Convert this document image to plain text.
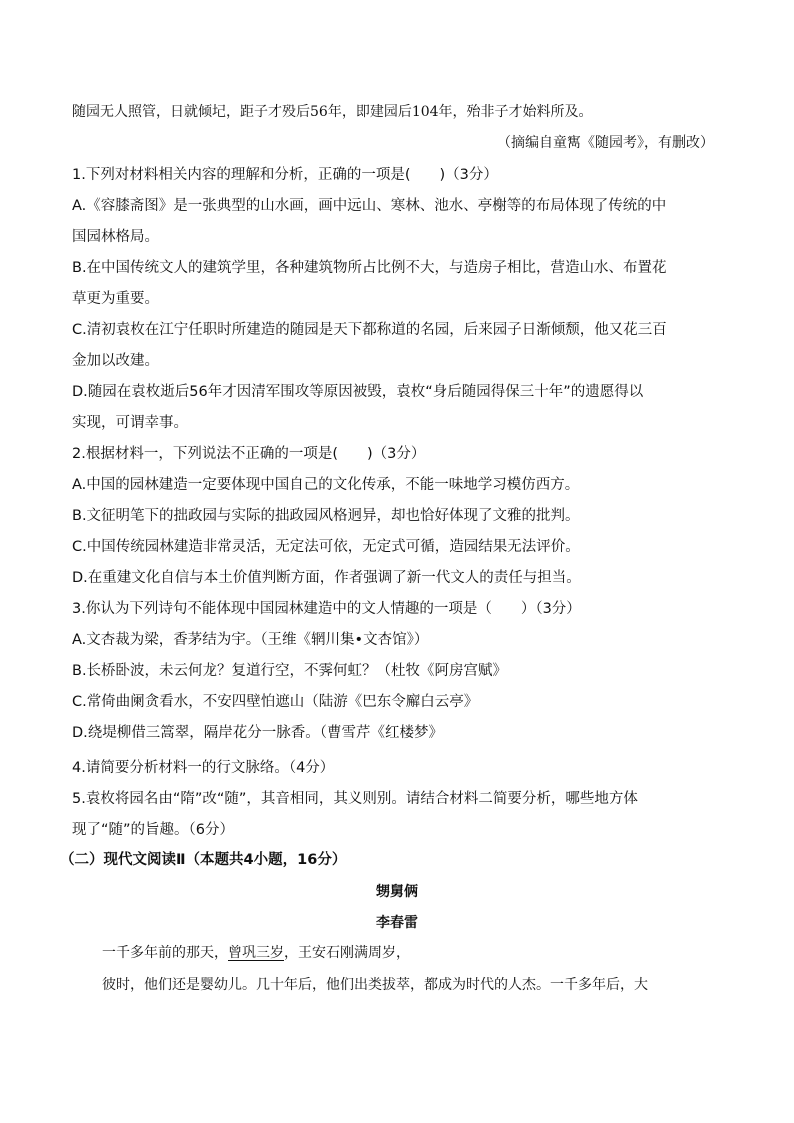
随园无人照管，日就倾圮，距子才殁后56年，即建园后104年，殆非子才始料所及。
（摘编自童寯《随园考》，有删改）
1.下列对材料相关内容的理解和分析，正确的一项是(　　)（3分）
A.《容膝斋图》是一张典型的山水画，画中远山、寒林、池水、亭榭等的布局体现了传统的中
国园林格局。
B.在中国传统文人的建筑学里，各种建筑物所占比例不大，与造房子相比，营造山水、布置花
草更为重要。
C.清初袁枚在江宁任职时所建造的随园是天下都称道的名园，后来园子日渐倾颓，他又花三百
金加以改建。
D.随园在袁枚逝后56年才因清军围攻等原因被毁，袁枚“身后随园得保三十年”的遗愿得以
实现，可谓幸事。
2.根据材料一，下列说法不正确的一项是(　　)（3分）
A.中国的园林建造一定要体现中国自己的文化传承，不能一味地学习模仿西方。
B.文征明笔下的拙政园与实际的拙政园风格迥异，却也恰好体现了文雅的批判。
C.中国传统园林建造非常灵活，无定法可依，无定式可循，造园结果无法评价。
D.在重建文化自信与本土价值判断方面，作者强调了新一代文人的责任与担当。
3.你认为下列诗句不能体现中国园林建造中的文人情趣的一项是（　　）（3分）
A.文杏裁为梁，香茅结为宇。（王维《辋川集•文杏馆》）
B.长桥卧波，未云何龙？复道行空，不霁何虹？（杜牧《阿房宫赋》
C.常倚曲阑贪看水，不安四壁怕遮山（陆游《巴东令廨白云亭》
D.绕堤柳借三篙翠，隔岸花分一脉香。（曹雪芹《红楼梦》
4.请简要分析材料一的行文脉络。（4分）
5.袁枚将园名由“隋”改“随”，其音相同，其义则别。请结合材料二简要分析，哪些地方体
现了“随”的旨趣。（6分）
（二）现代文阅读Ⅱ（本题共4小题，16分）
甥舅俩
李春雷
一千多年前的那天，曾巩三岁，王安石刚满周岁，
彼时，他们还是婴幼儿。几十年后，他们出类拔萃，都成为时代的人杰。一千多年后，大
